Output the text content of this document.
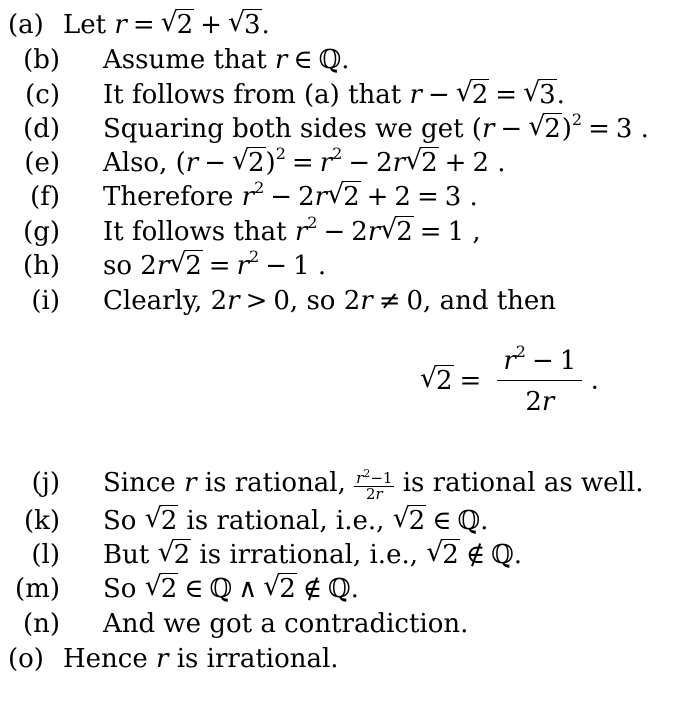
(a) Let r = √
2 + √
3.
(b) Assume that r ∈ ℚ.
(c) It follows from (a) that r − √
2 = √
3.
(d) Squaring both sides we get (r − √
2)$^2$ = 3 .
(e) Also, (r − √
$2)^2 = r^2 - 2r$ √
2 + 2 .
(f) Therefore $r^2 - 2r$ √
2 + 2 = 3 .
(g) It follows that $r^2 - 2r$ √
2 = 1 ,
(h) so 2r √
$2 = r^2 - 1$ .
(i) Clearly, 2r > 0, so 2r ≠ 0, and then
√
$2 = \frac{r^2 - 1}{2r}$ .
(j) Since r is rational, $\frac{r^2-1}{2r}$ is rational as well.
(k) So √
2 is rational, i.e., √
2 ∈ ℚ.
(l) But √
2 is irrational, i.e., √
2 ∉ ℚ.
(m) So √
2 ∈ ℚ ∧ √
2 ∉ ℚ.
(n) And we got a contradiction.
(o) Hence r is irrational.
